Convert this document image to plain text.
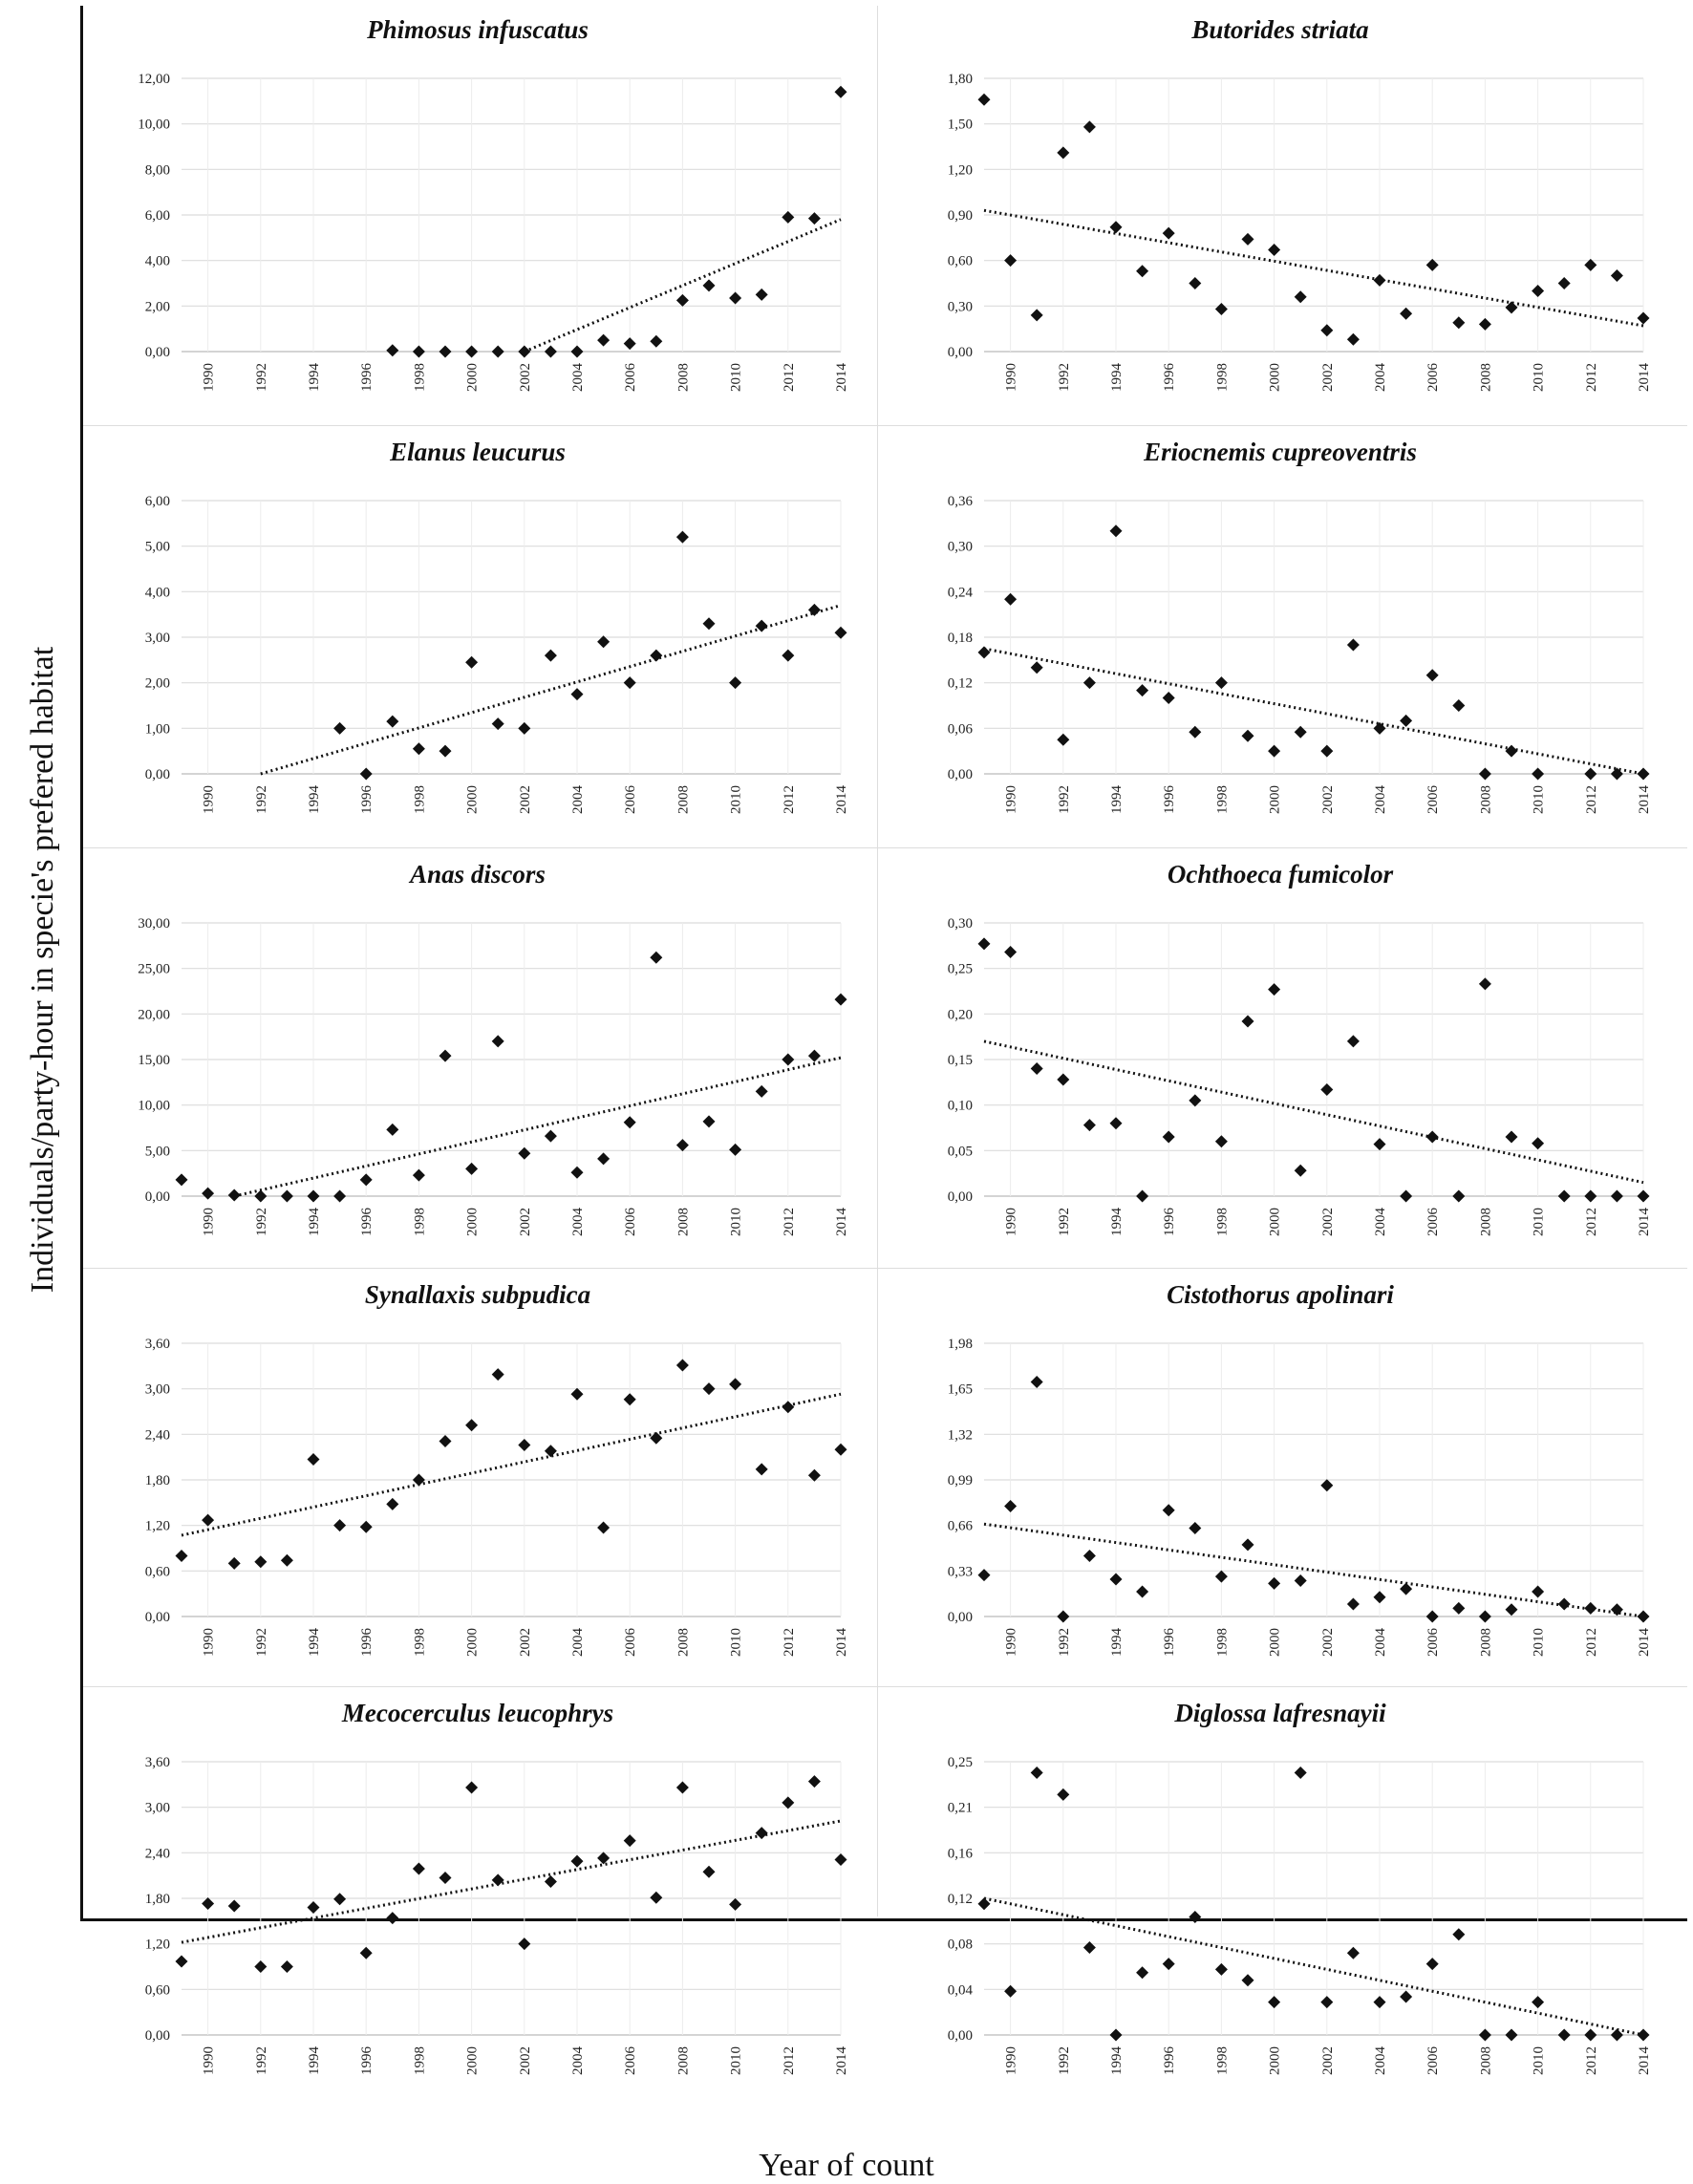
Individuals/party-hour in specie's prefered habitat
Year of count
Phimosus infuscatus
0,00
2,00
4,00
6,00
8,00
10,00
12,00
1990	1992	1994	1996	1998	2000	2002	2004	2006	2008	2010	2012	2014
Butorides striata
0,00
0,30
0,60
0,90
1,20
1,50
1,80
1990	1992	1994	1996	1998	2000	2002	2004	2006	2008	2010	2012	2014
Elanus leucurus
0,00
1,00
2,00
3,00
4,00
5,00
6,00
1990	1992	1994	1996	1998	2000	2002	2004	2006	2008	2010	2012	2014
Eriocnemis cupreoventris
0,00
0,06
0,12
0,18
0,24
0,30
0,36
1990	1992	1994	1996	1998	2000	2002	2004	2006	2008	2010	2012	2014
Anas discors
0,00
5,00
10,00
15,00
20,00
25,00
30,00
1990	1992	1994	1996	1998	2000	2002	2004	2006	2008	2010	2012	2014
Ochthoeca fumicolor
0,00
0,05
0,10
0,15
0,20
0,25
0,30
1990	1992	1994	1996	1998	2000	2002	2004	2006	2008	2010	2012	2014
Synallaxis subpudica
0,00
0,60
1,20
1,80
2,40
3,00
3,60
1990	1992	1994	1996	1998	2000	2002	2004	2006	2008	2010	2012	2014
Cistothorus apolinari
0,00
0,33
0,66
0,99
1,32
1,65
1,98
1990	1992	1994	1996	1998	2000	2002	2004	2006	2008	2010	2012	2014
Mecocerculus leucophrys
0,00
0,60
1,20
1,80
2,40
3,00
3,60
1990	1992	1994	1996	1998	2000	2002	2004	2006	2008	2010	2012	2014
Diglossa lafresnayii
0,00
0,04
0,08
0,12
0,16
0,21
0,25
1990	1992	1994	1996	1998	2000	2002	2004	2006	2008	2010	2012	2014
